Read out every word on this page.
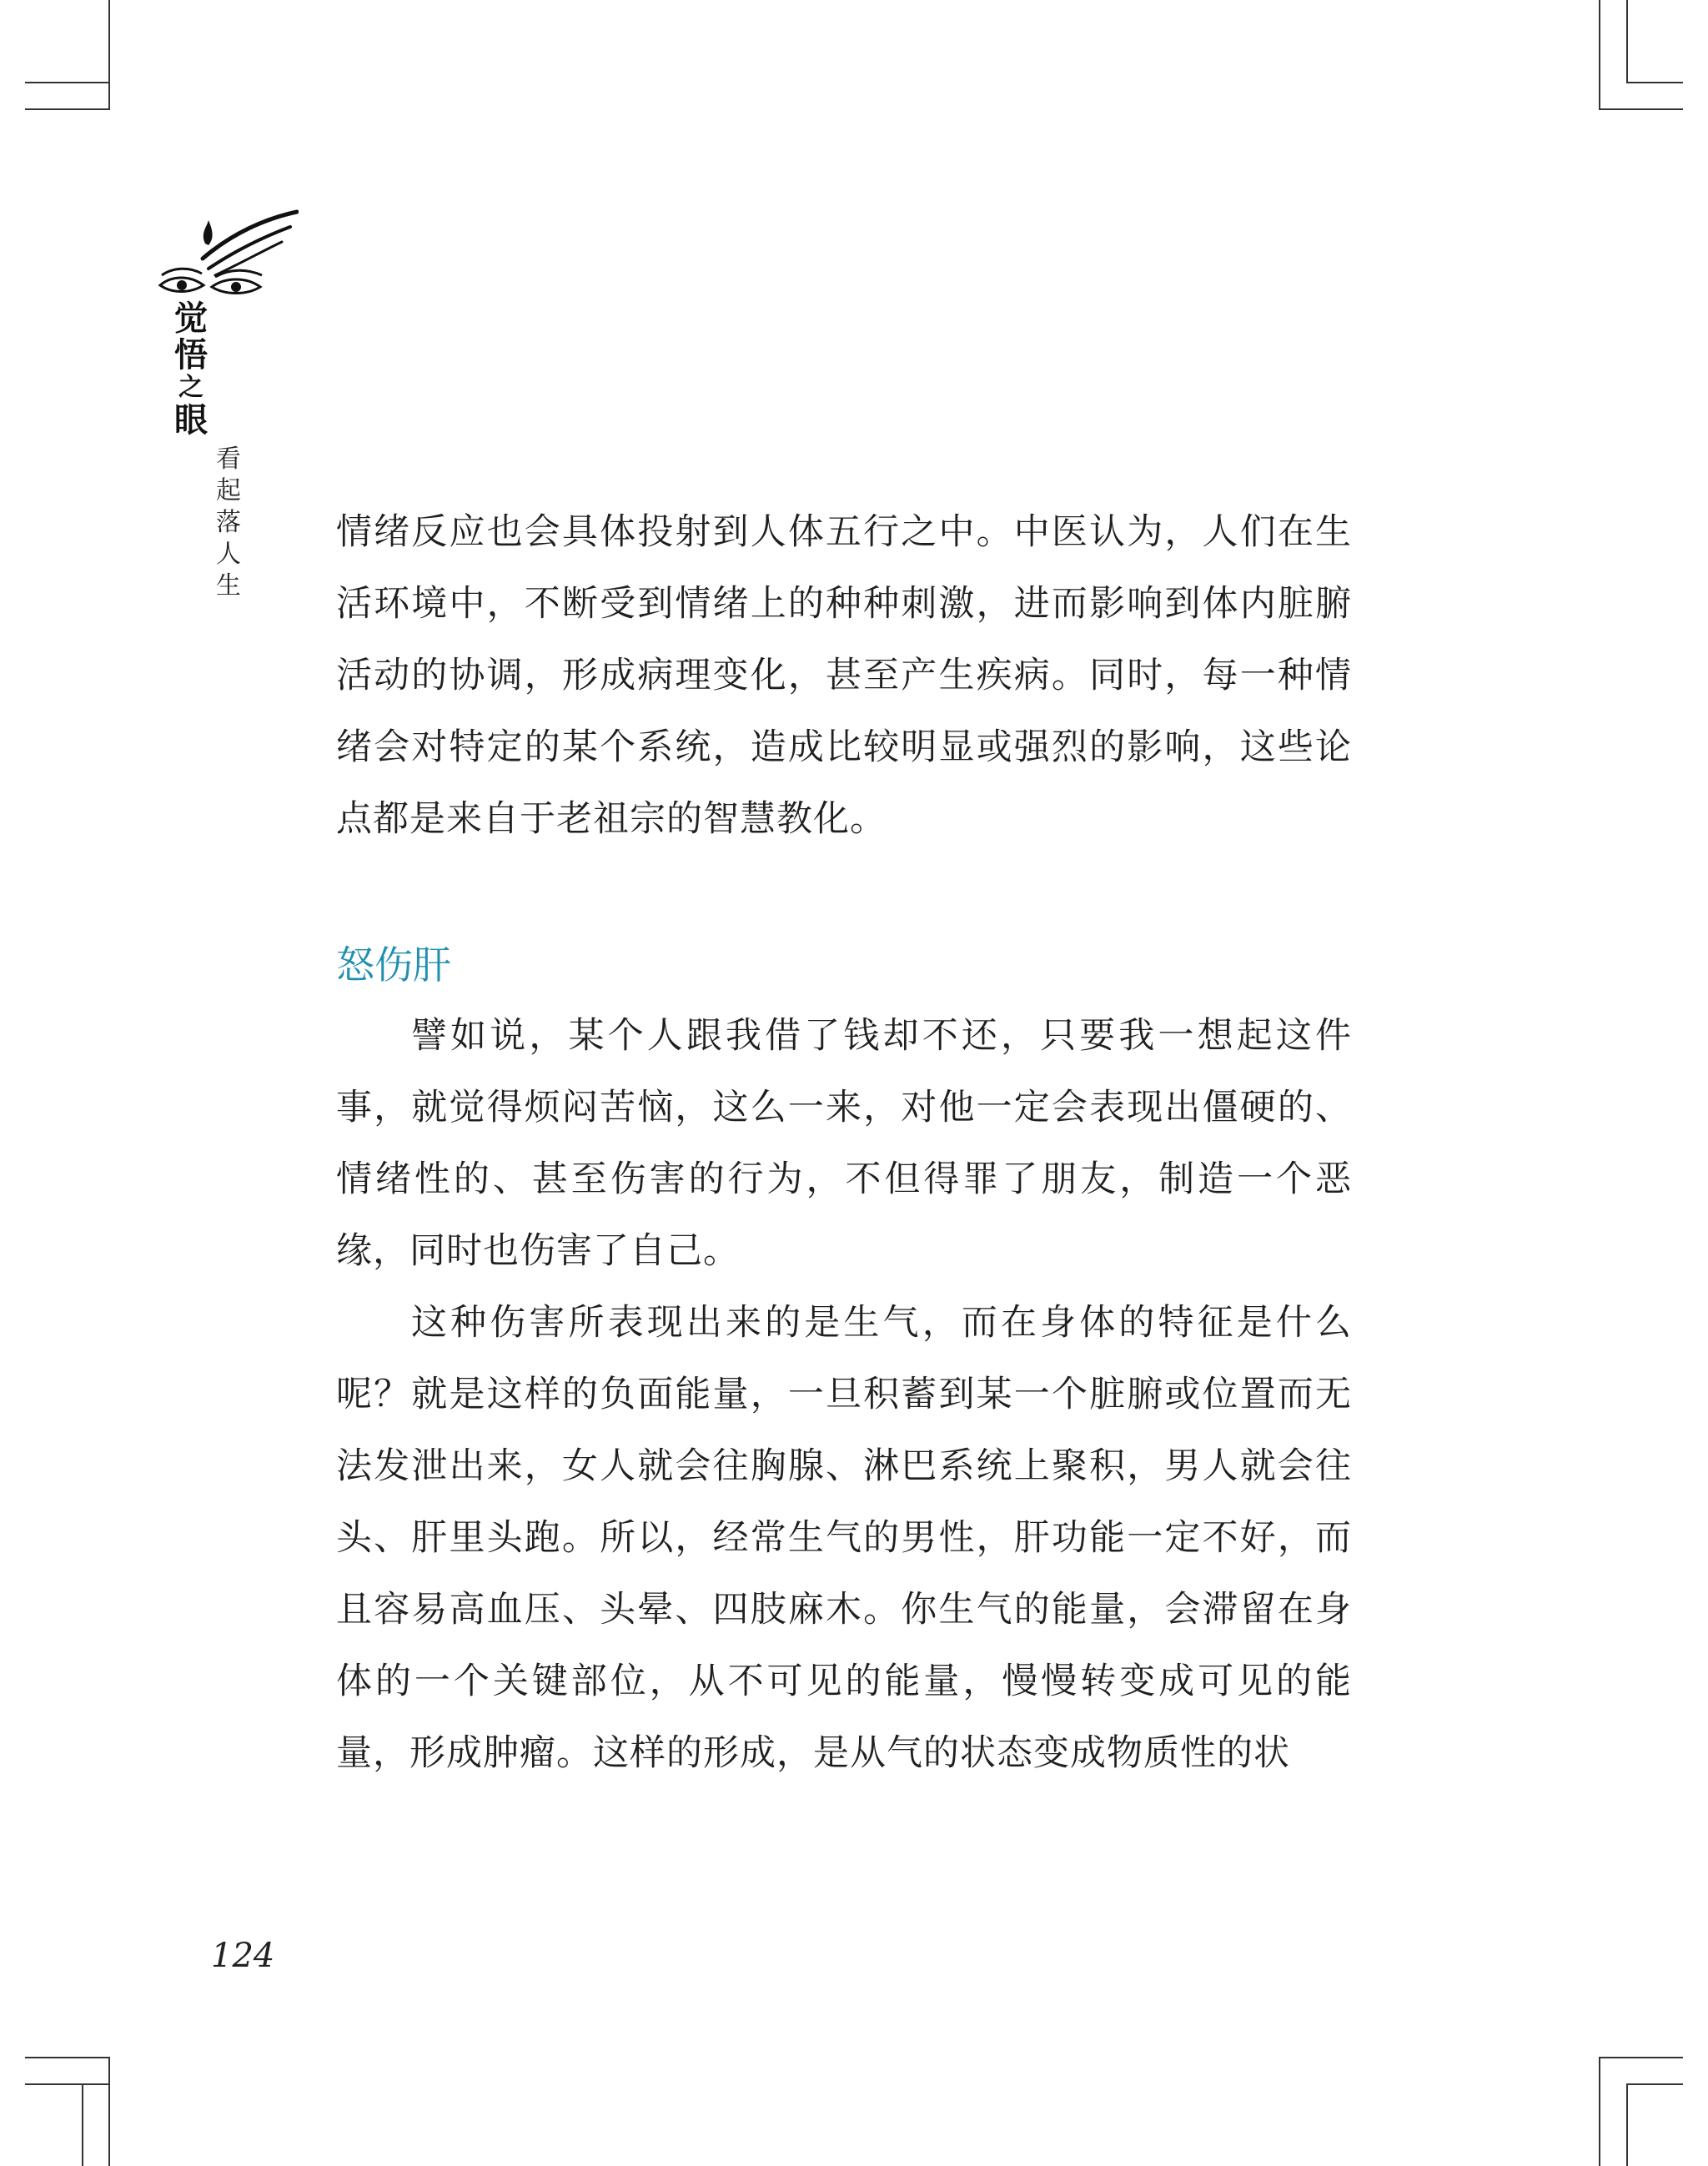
觉
悟
之
眼
看
起
落
人
生

情绪反应也会具体投射到人体五行之中。中医认为，人们在生活环境中，不断受到情绪上的种种刺激，进而影响到体内脏腑活动的协调，形成病理变化，甚至产生疾病。同时，每一种情绪会对特定的某个系统，造成比较明显或强烈的影响，这些论点都是来自于老祖宗的智慧教化。

怒伤肝

譬如说，某个人跟我借了钱却不还，只要我一想起这件事，就觉得烦闷苦恼，这么一来，对他一定会表现出僵硬的、情绪性的、甚至伤害的行为，不但得罪了朋友，制造一个恶缘，同时也伤害了自己。

这种伤害所表现出来的是生气，而在身体的特征是什么呢？就是这样的负面能量，一旦积蓄到某一个脏腑或位置而无法发泄出来，女人就会往胸腺、淋巴系统上聚积，男人就会往头、肝里头跑。所以，经常生气的男性，肝功能一定不好，而且容易高血压、头晕、四肢麻木。你生气的能量，会滞留在身体的一个关键部位，从不可见的能量，慢慢转变成可见的能量，形成肿瘤。这样的形成，是从气的状态变成物质性的状

124
